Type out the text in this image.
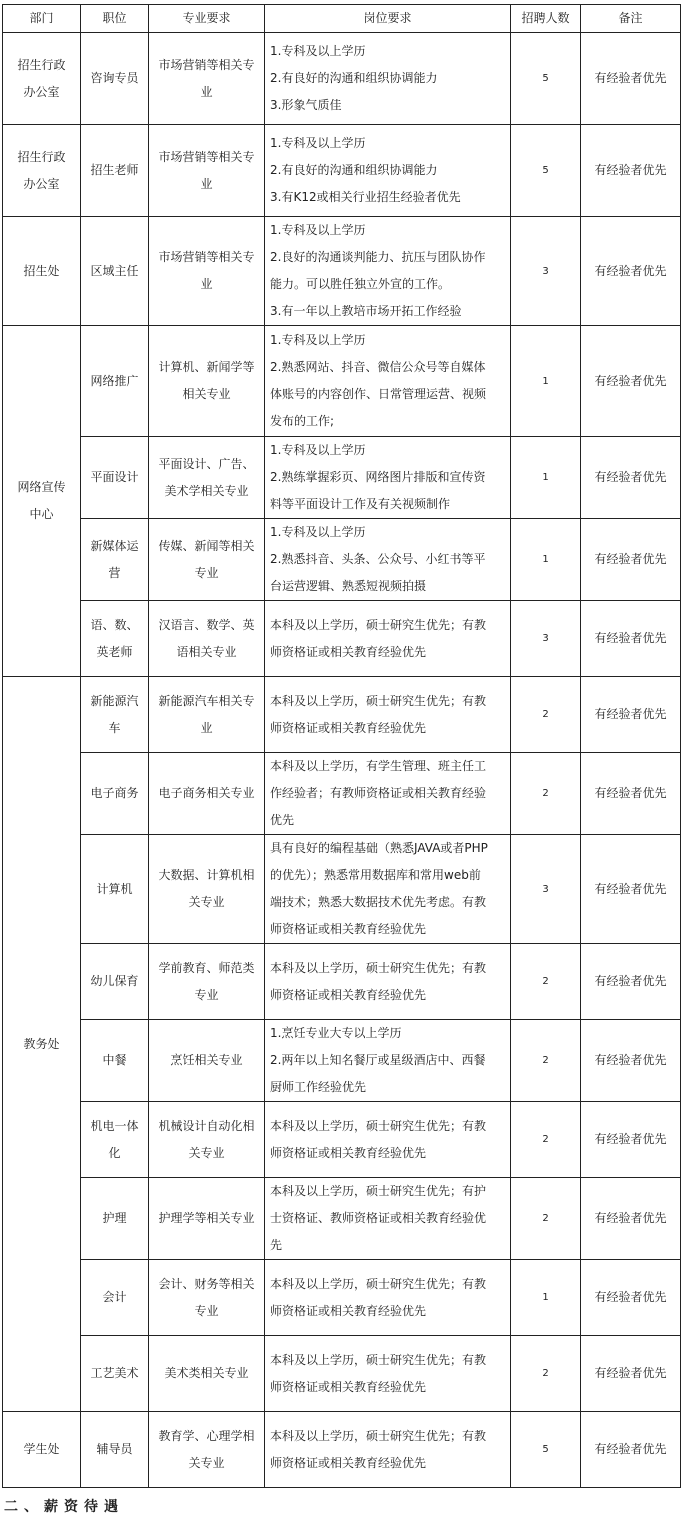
部门	职位	专业要求	岗位要求	招聘人数	备注

招生行政
办公室	咨询专员	市场营销等相关专
业	1.专科及以上学历
2.有良好的沟通和组织协调能力
3.形象气质佳	5	有经验者优先

招生行政
办公室	招生老师	市场营销等相关专
业	1.专科及以上学历
2.有良好的沟通和组织协调能力
3.有K12或相关行业招生经验者优先	5	有经验者优先

招生处	区域主任	市场营销等相关专
业	1.专科及以上学历
2.良好的沟通谈判能力、抗压与团队协作
能力。可以胜任独立外宣的工作。
3.有一年以上教培市场开拓工作经验	3	有经验者优先

网络宣传
中心	网络推广	计算机、新闻学等
相关专业	1.专科及以上学历
2.熟悉网站、抖音、微信公众号等自媒体
体账号的内容创作、日常管理运营、视频
发布的工作;	1	有经验者优先

	平面设计	平面设计、广告、
美术学相关专业	1.专科及以上学历
2.熟练掌握彩页、网络图片排版和宣传资
料等平面设计工作及有关视频制作	1	有经验者优先

	新媒体运
营	传媒、新闻等相关
专业	1.专科及以上学历
2.熟悉抖音、头条、公众号、小红书等平
台运营逻辑、熟悉短视频拍摄	1	有经验者优先

	语、数、
英老师	汉语言、数学、英
语相关专业	本科及以上学历，硕士研究生优先；有教
师资格证或相关教育经验优先	3	有经验者优先

教务处	新能源汽
车	新能源汽车相关专
业	本科及以上学历，硕士研究生优先；有教
师资格证或相关教育经验优先	2	有经验者优先

	电子商务	电子商务相关专业	本科及以上学历，有学生管理、班主任工
作经验者；有教师资格证或相关教育经验
优先	2	有经验者优先

	计算机	大数据、计算机相
关专业	具有良好的编程基础（熟悉JAVA或者PHP
的优先）；熟悉常用数据库和常用web前
端技术；熟悉大数据技术优先考虑。有教
师资格证或相关教育经验优先	3	有经验者优先

	幼儿保育	学前教育、师范类
专业	本科及以上学历，硕士研究生优先；有教
师资格证或相关教育经验优先	2	有经验者优先

	中餐	烹饪相关专业	1.烹饪专业大专以上学历
2.两年以上知名餐厅或星级酒店中、西餐
厨师工作经验优先	2	有经验者优先

	机电一体
化	机械设计自动化相
关专业	本科及以上学历，硕士研究生优先；有教
师资格证或相关教育经验优先	2	有经验者优先

	护理	护理学等相关专业	本科及以上学历，硕士研究生优先；有护
士资格证、教师资格证或相关教育经验优
先	2	有经验者优先

	会计	会计、财务等相关
专业	本科及以上学历，硕士研究生优先；有教
师资格证或相关教育经验优先	1	有经验者优先

	工艺美术	美术类相关专业	本科及以上学历，硕士研究生优先；有教
师资格证或相关教育经验优先	2	有经验者优先

学生处	辅导员	教育学、心理学相
关专业	本科及以上学历，硕士研究生优先；有教
师资格证或相关教育经验优先	5	有经验者优先
二、薪资待遇
